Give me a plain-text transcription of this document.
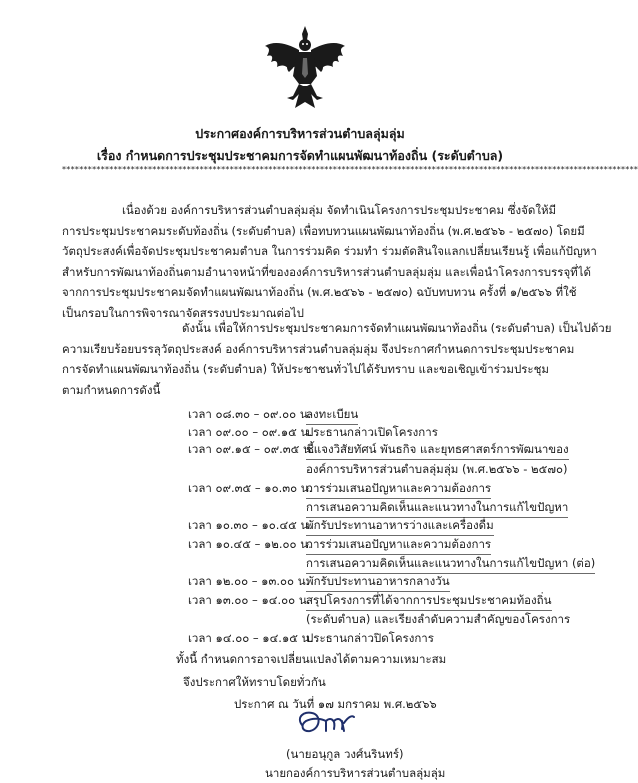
ประกาศองค์การบริหารส่วนตำบลลุ่มลุ่ม
เรื่อง กำหนดการประชุมประชาคมการจัดทำแผนพัฒนาท้องถิ่น (ระดับตำบล)
**************************************************************************************************************************************
เนื่องด้วย องค์การบริหารส่วนตำบลลุ่มลุ่ม จัดทำเนินโครงการประชุมประชาคม ซึ่งจัดให้มี
การประชุมประชาคมระดับท้องถิ่น (ระดับตำบล) เพื่อทบทวนแผนพัฒนาท้องถิ่น (พ.ศ.๒๕๖๖ - ๒๕๗๐) โดยมี
วัตถุประสงค์เพื่อจัดประชุมประชาคมตำบล ในการร่วมคิด ร่วมทำ ร่วมตัดสินใจแลกเปลี่ยนเรียนรู้ เพื่อแก้ปัญหา
สำหรับการพัฒนาท้องถิ่นตามอำนาจหน้าที่ขององค์การบริหารส่วนตำบลลุ่มลุ่ม และเพื่อนำโครงการบรรจุที่ได้
จากการประชุมประชาคมจัดทำแผนพัฒนาท้องถิ่น (พ.ศ.๒๕๖๖ - ๒๕๗๐) ฉบับทบทวน ครั้งที่ ๑/๒๕๖๖ ที่ใช้
เป็นกรอบในการพิจารณาจัดสรรงบประมาณต่อไป
ดังนั้น เพื่อให้การประชุมประชาคมการจัดทำแผนพัฒนาท้องถิ่น (ระดับตำบล) เป็นไปด้วย
ความเรียบร้อยบรรลุวัตถุประสงค์ องค์การบริหารส่วนตำบลลุ่มลุ่ม จึงประกาศกำหนดการประชุมประชาคม
การจัดทำแผนพัฒนาท้องถิ่น (ระดับตำบล) ให้ประชาชนทั่วไปได้รับทราบ และขอเชิญเข้าร่วมประชุม
ตามกำหนดการดังนี้
เวลา ๐๘.๓๐ – ๐๙.๐๐ น.
ลงทะเบียน
เวลา ๐๙.๐๐ – ๐๙.๑๕ น.
ประธานกล่าวเปิดโครงการ
เวลา ๐๙.๑๕ – ๐๙.๓๕ น.
ชี้แจงวิสัยทัศน์ พันธกิจ และยุทธศาสตร์การพัฒนาของ
องค์การบริหารส่วนตำบลลุ่มลุ่ม (พ.ศ.๒๕๖๖ - ๒๕๗๐)
เวลา ๐๙.๓๕ – ๑๐.๓๐ น.
การร่วมเสนอปัญหาและความต้องการ
การเสนอความคิดเห็นและแนวทางในการแก้ไขปัญหา
เวลา ๑๐.๓๐ – ๑๐.๔๕ น.
พักรับประทานอาหารว่างและเครื่องดื่ม
เวลา ๑๐.๔๕ – ๑๒.๐๐ น.
การร่วมเสนอปัญหาและความต้องการ
การเสนอความคิดเห็นและแนวทางในการแก้ไขปัญหา (ต่อ)
เวลา ๑๒.๐๐ – ๑๓.๐๐ น.
พักรับประทานอาหารกลางวัน
เวลา ๑๓.๐๐ – ๑๔.๐๐ น.
สรุปโครงการที่ได้จากการประชุมประชาคมท้องถิ่น
(ระดับตำบล) และเรียงลำดับความสำคัญของโครงการ
เวลา ๑๔.๐๐ – ๑๔.๑๕ น.
ประธานกล่าวปิดโครงการ
ทั้งนี้ กำหนดการอาจเปลี่ยนแปลงได้ตามความเหมาะสม
จึงประกาศให้ทราบโดยทั่วกัน
ประกาศ ณ วันที่ ๑๗ มกราคม พ.ศ.๒๕๖๖
(นายอนุกูล วงศ์นรินทร์)
นายกองค์การบริหารส่วนตำบลลุ่มลุ่ม
